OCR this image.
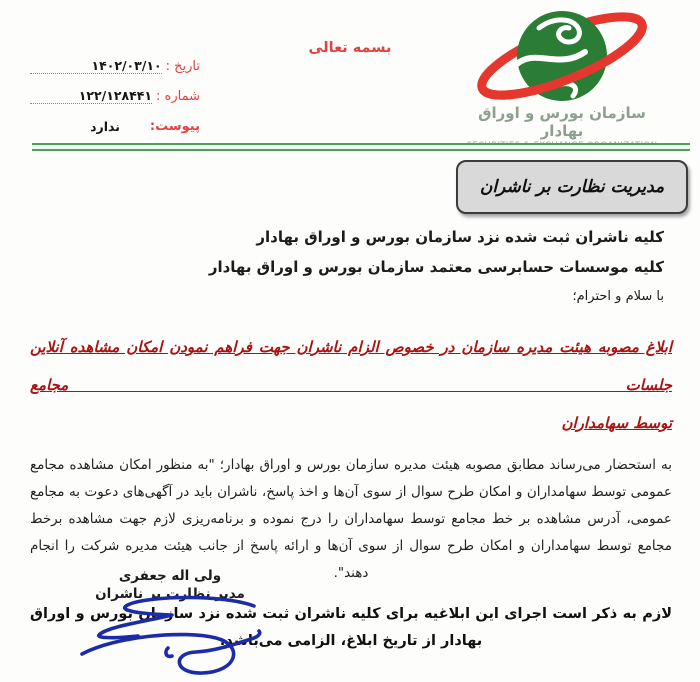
بسمه تعالی
تاریخ :
۱۴۰۲/۰۳/۱۰
شماره :
۱۲۲/۱۲۸۴۴۱
پیوست:
ندارد
سازمان بورس و اوراق بهادار
مدیریت نظارت بر ناشران
کلیه ناشران ثبت شده نزد سازمان بورس و اوراق بهادار
کلیه موسسات حسابرسی معتمد سازمان بورس و اوراق بهادار
با سلام و احترام؛
ابلاغ مصوبه هیئت مدیره سازمان در خصوص الزام ناشران جهت فراهم نمودن امکان مشاهده آنلاین جلسات مجامع
توسط سهامداران

به استحضار می‌رساند مطابق مصوبه هیئت مدیره سازمان بورس و اوراق بهادار؛ "به منظور امکان مشاهده مجامع عمومی توسط سهامداران و امکان طرح سوال از سوی آن‌ها و اخذ پاسخ، ناشران باید در آگهی‌های دعوت به مجامع عمومی، آدرس مشاهده بر خط مجامع توسط سهامداران را درج نموده و برنامه‌ریزی لازم جهت مشاهده برخط مجامع توسط سهامداران و امکان طرح سوال از سوی آن‌ها و ارائه پاسخ از جانب هیئت مدیره شرکت را انجام دهند".

لازم به ذکر است اجرای این ابلاغیه برای کلیه ناشران ثبت شده نزد سازمان بورس و اوراق بهادار از تاریخ ابلاغ، الزامی می‌باشد.

ولی اله جعفری
مدیر نظارت بر ناشران
